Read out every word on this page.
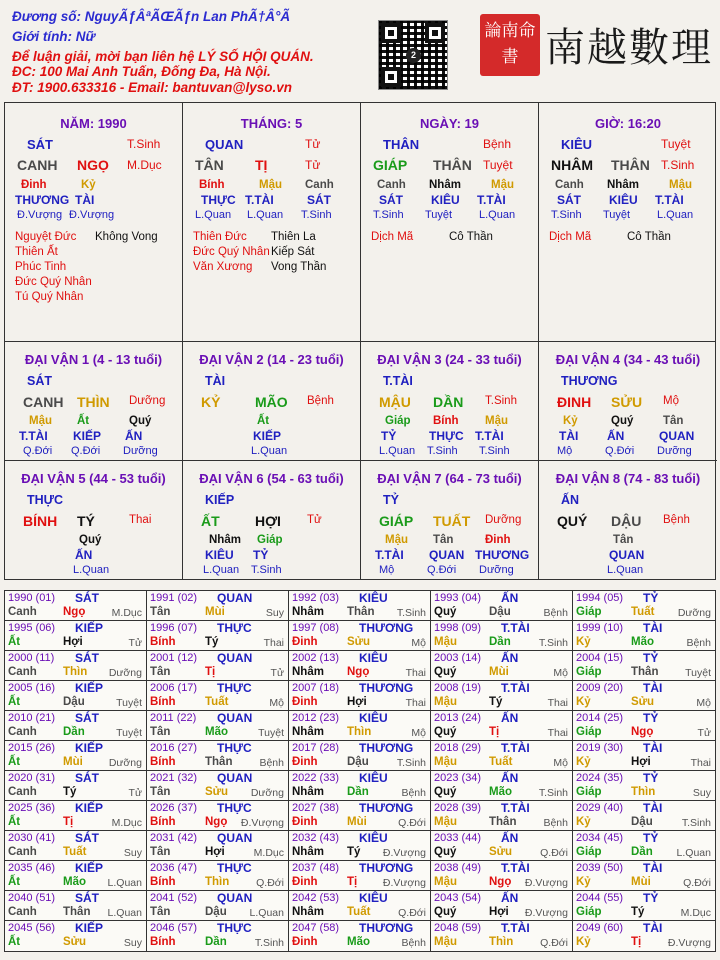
Đương số: NguyÃƒÂªÃŒÃƒn Lan PhÃ†Â°Ã
Giới tính: Nữ
Để luận giải, mời bạn liên hệ LÝ SỐ HỘI QUÁN.
ĐC: 100 Mai Anh Tuấn, Đống Đa, Hà Nội.
ĐT: 1900.633316 - Email: bantuvan@lyso.vn
2
論南命書 南越數理
NĂM: 1990
SÁT	T.Sinh
CANH NGỌ M.Dục
Đinh
THƯƠNG
Đ.Vượng
Kỷ
TÀI
Đ.Vượng
Nguyệt Đức
Thiên Ất
Phúc Tinh
Đức Quý Nhân
Tú Quý Nhân
Không Vong
THÁNG: 5
QUAN	Tử
TÂN TỊ	Tử
Bính
THỰC
L.Quan
Mậu
T.TÀI
L.Quan
Canh
SÁT
T.Sinh
Thiên Đức
Đức Quý Nhân
Văn Xương
Thiên La
Kiếp Sát
Vong Thần
NGÀY: 19
THÂN	Bệnh
GIÁP THÂN Tuyệt
Canh
SÁT
T.Sinh
Nhâm
KIÊU
Tuyệt
Mậu
T.TÀI
L.Quan
Dịch Mã	Cô Thần
GIỜ: 16:20
KIÊU	Tuyệt
NHÂM THÂN T.Sinh
Canh
SÁT
T.Sinh
Nhâm
KIÊU
Tuyệt
Mậu
T.TÀI
L.Quan
Dịch Mã	Cô Thần
ĐẠI VẬN 1 (4 - 13 tuổi)
SÁT
CANH THÌN Dưỡng
Mậu
T.TÀI
Q.Đới
Ất
KIẾP
Q.Đới
Quý
ẤN
Dưỡng
ĐẠI VẬN 2 (14 - 23 tuổi)
TÀI
KỶ MÃO Bệnh
Ất
KIẾP
L.Quan
ĐẠI VẬN 3 (24 - 33 tuổi)
T.TÀI
MẬU DẦN T.Sinh
Giáp
TỶ
L.Quan
Bính
THỰC
T.Sinh
Mậu
T.TÀI
T.Sinh
ĐẠI VẬN 4 (34 - 43 tuổi)
THƯƠNG
ĐINH SỬU Mộ
Kỷ
TÀI
Mộ
Quý
ẤN
Q.Đới
Tân
QUAN
Dưỡng
ĐẠI VẬN 5 (44 - 53 tuổi)
THỰC
BÍNH TÝ	Thai
Quý
ẤN
L.Quan
ĐẠI VẬN 6 (54 - 63 tuổi)
KIẾP
ẤT	HỢI Tử
Nhâm
KIÊU
L.Quan
Giáp
TỶ
T.Sinh
ĐẠI VẬN 7 (64 - 73 tuổi)
TỶ
GIÁP TUẤT Dưỡng
Mậu
T.TÀI
Mộ
Tân
QUAN
Q.Đới
Đinh
THƯƠNG
Dưỡng
ĐẠI VẬN 8 (74 - 83 tuổi)
ẤN
QUÝ DẬU Bệnh
Tân
QUAN
L.Quan
1990 (01) SÁT
Canh Ngọ	M.Dục
1991 (02) QUAN
Tân	Mùi	Suy
1992 (03) KIÊU
Nhâm Thân T.Sinh
1993 (04) ẤN
Quý	Dậu	Bệnh
1994 (05) TỶ
Giáp	Tuất Dưỡng
1995 (06) KIẾP
Ất	Hợi	Tử
1996 (07) THỰC
Bính	Tý	Thai
1997 (08) THƯƠNG
Đinh	Sửu	Mộ
1998 (09) T.TÀI
Mậu	Dần	T.Sinh
1999 (10) TÀI
Kỷ	Mão	Bệnh
2000 (11) SÁT
Canh Thìn Dưỡng
2001 (12) QUAN
Tân	Tị	Tử
2002 (13) KIÊU
Nhâm Ngọ	Thai
2003 (14) ẤN
Quý	Mùi	Mộ
2004 (15) TỶ
Giáp	Thân	Tuyệt
2005 (16) KIẾP
Ất	Dậu	Tuyệt
2006 (17) THỰC
Bính	Tuất	Mộ
2007 (18) THƯƠNG
Đinh	Hợi	Thai
2008 (19) T.TÀI
Mậu	Tý	Thai
2009 (20) TÀI
Kỷ	Sửu	Mộ
2010 (21) SÁT
Canh Dần	Tuyệt
2011 (22) QUAN
Tân	Mão	Tuyệt
2012 (23) KIÊU
Nhâm Thìn	Mộ
2013 (24) ẤN
Quý	Tị	Thai
2014 (25) TỶ
Giáp	Ngọ	Tử
2015 (26) KIẾP
Ất	Mùi Dưỡng
2016 (27) THỰC
Bính	Thân	Bệnh
2017 (28) THƯƠNG
Đinh	Dậu	T.Sinh
2018 (29) T.TÀI
Mậu	Tuất	Mộ
2019 (30) TÀI
Kỷ	Hợi	Thai
2020 (31) SÁT
Canh Tý	Tử
2021 (32) QUAN
Tân	Sửu Dưỡng
2022 (33) KIÊU
Nhâm Dần	Bệnh
2023 (34) ẤN
Quý	Mão	T.Sinh
2024 (35) TỶ
Giáp	Thìn	Suy
2025 (36) KIẾP
Ất	Tị	M.Dục
2026 (37) THỰC
Bính	Ngọ Đ.Vượng
2027 (38) THƯƠNG
Đinh	Mùi	Q.Đới
2028 (39) T.TÀI
Mậu	Thân	Bệnh
2029 (40) TÀI
Kỷ	Dậu	T.Sinh
2030 (41) SÁT
Canh Tuất	Suy
2031 (42) QUAN
Tân	Hợi	M.Dục
2032 (43) KIÊU
Nhâm Tý Đ.Vượng
2033 (44) ẤN
Quý	Sửu	Q.Đới
2034 (45) TỶ
Giáp	Dần L.Quan
2035 (46) KIẾP
Ất	Mão L.Quan
2036 (47) THỰC
Bính	Thìn	Q.Đới
2037 (48) THƯƠNG
Đinh	Tị Đ.Vượng
2038 (49) T.TÀI
Mậu	Ngọ Đ.Vượng
2039 (50) TÀI
Kỷ	Mùi	Q.Đới
2040 (51) SÁT
Canh Thân L.Quan
2041 (52) QUAN
Tân	Dậu L.Quan
2042 (53) KIÊU
Nhâm Tuất	Q.Đới
2043 (54) ẤN
Quý	Hợi Đ.Vượng
2044 (55) TỶ
Giáp	Tý	M.Dục
2045 (56) KIẾP
Ất	Sửu	Suy
2046 (57) THỰC
Bính	Dần	T.Sinh
2047 (58) THƯƠNG
Đinh	Mão	Bệnh
2048 (59) T.TÀI
Mậu	Thìn	Q.Đới
2049 (60) TÀI
Kỷ	Tị	Đ.Vượng
